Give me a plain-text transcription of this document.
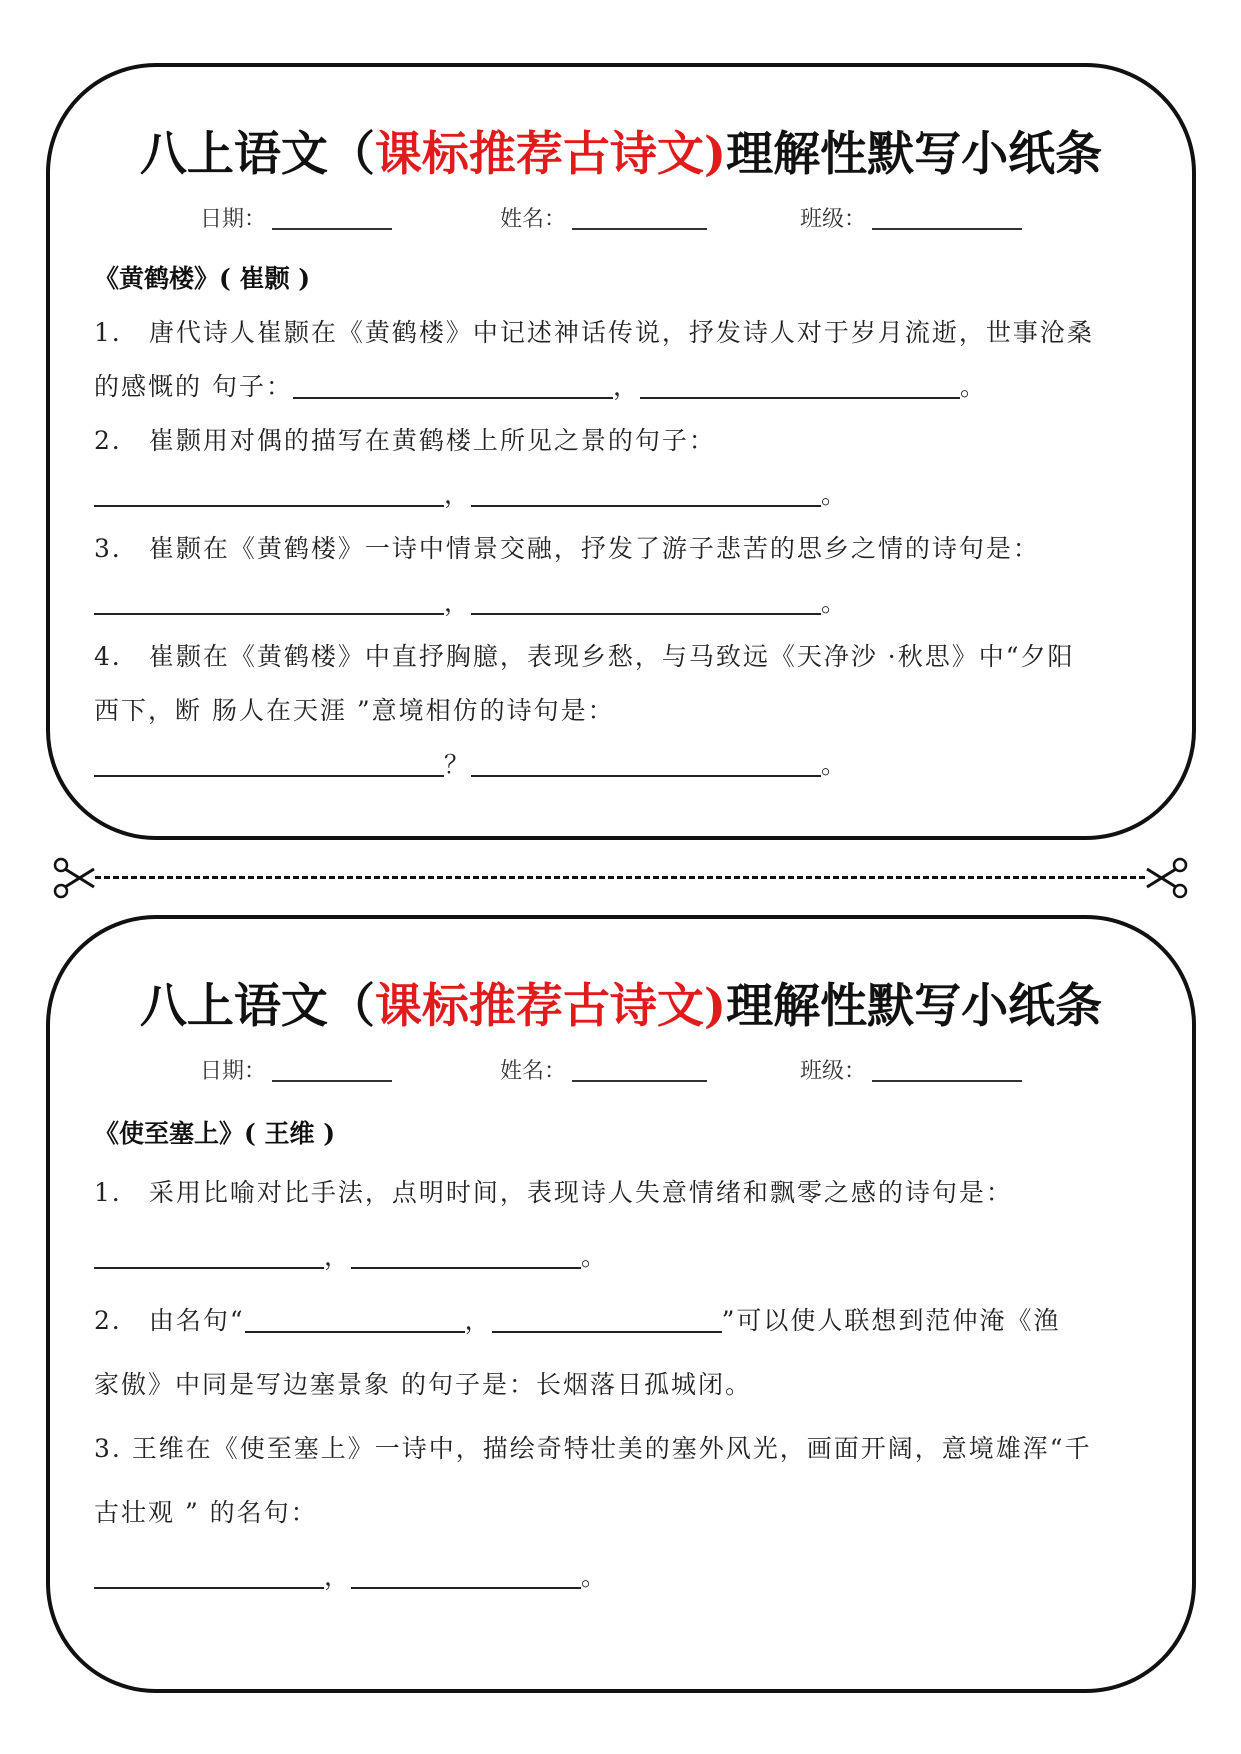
八上语文（课标推荐古诗文)理解性默写小纸条
日期：	姓名：	班级：
《黄鹤楼》( 崔颢 )
1． 唐代诗人崔颢在《黄鹤楼》中记述神话传说，抒发诗人对于岁月流逝，世事沧桑
的感慨的 句子：	，	。
2． 崔颢用对偶的描写在黄鹤楼上所见之景的句子：
，	。
3． 崔颢在《黄鹤楼》一诗中情景交融，抒发了游子悲苦的思乡之情的诗句是：
，	。
4． 崔颢在《黄鹤楼》中直抒胸臆，表现乡愁，与马致远《天净沙 ·秋思》中“夕阳
西下，断 肠人在天涯 ”意境相仿的诗句是：
？	。
八上语文（课标推荐古诗文)理解性默写小纸条
日期：	姓名：	班级：
《使至塞上》( 王维 )
1． 采用比喻对比手法，点明时间，表现诗人失意情绪和飘零之感的诗句是：
，	。
2． 由名句“	，	”可以使人联想到范仲淹《渔
家傲》中同是写边塞景象 的句子是：长烟落日孤城闭。
3. 王维在《使至塞上》一诗中，描绘奇特壮美的塞外风光，画面开阔，意境雄浑“千
古壮观 ” 的名句：
，	。
